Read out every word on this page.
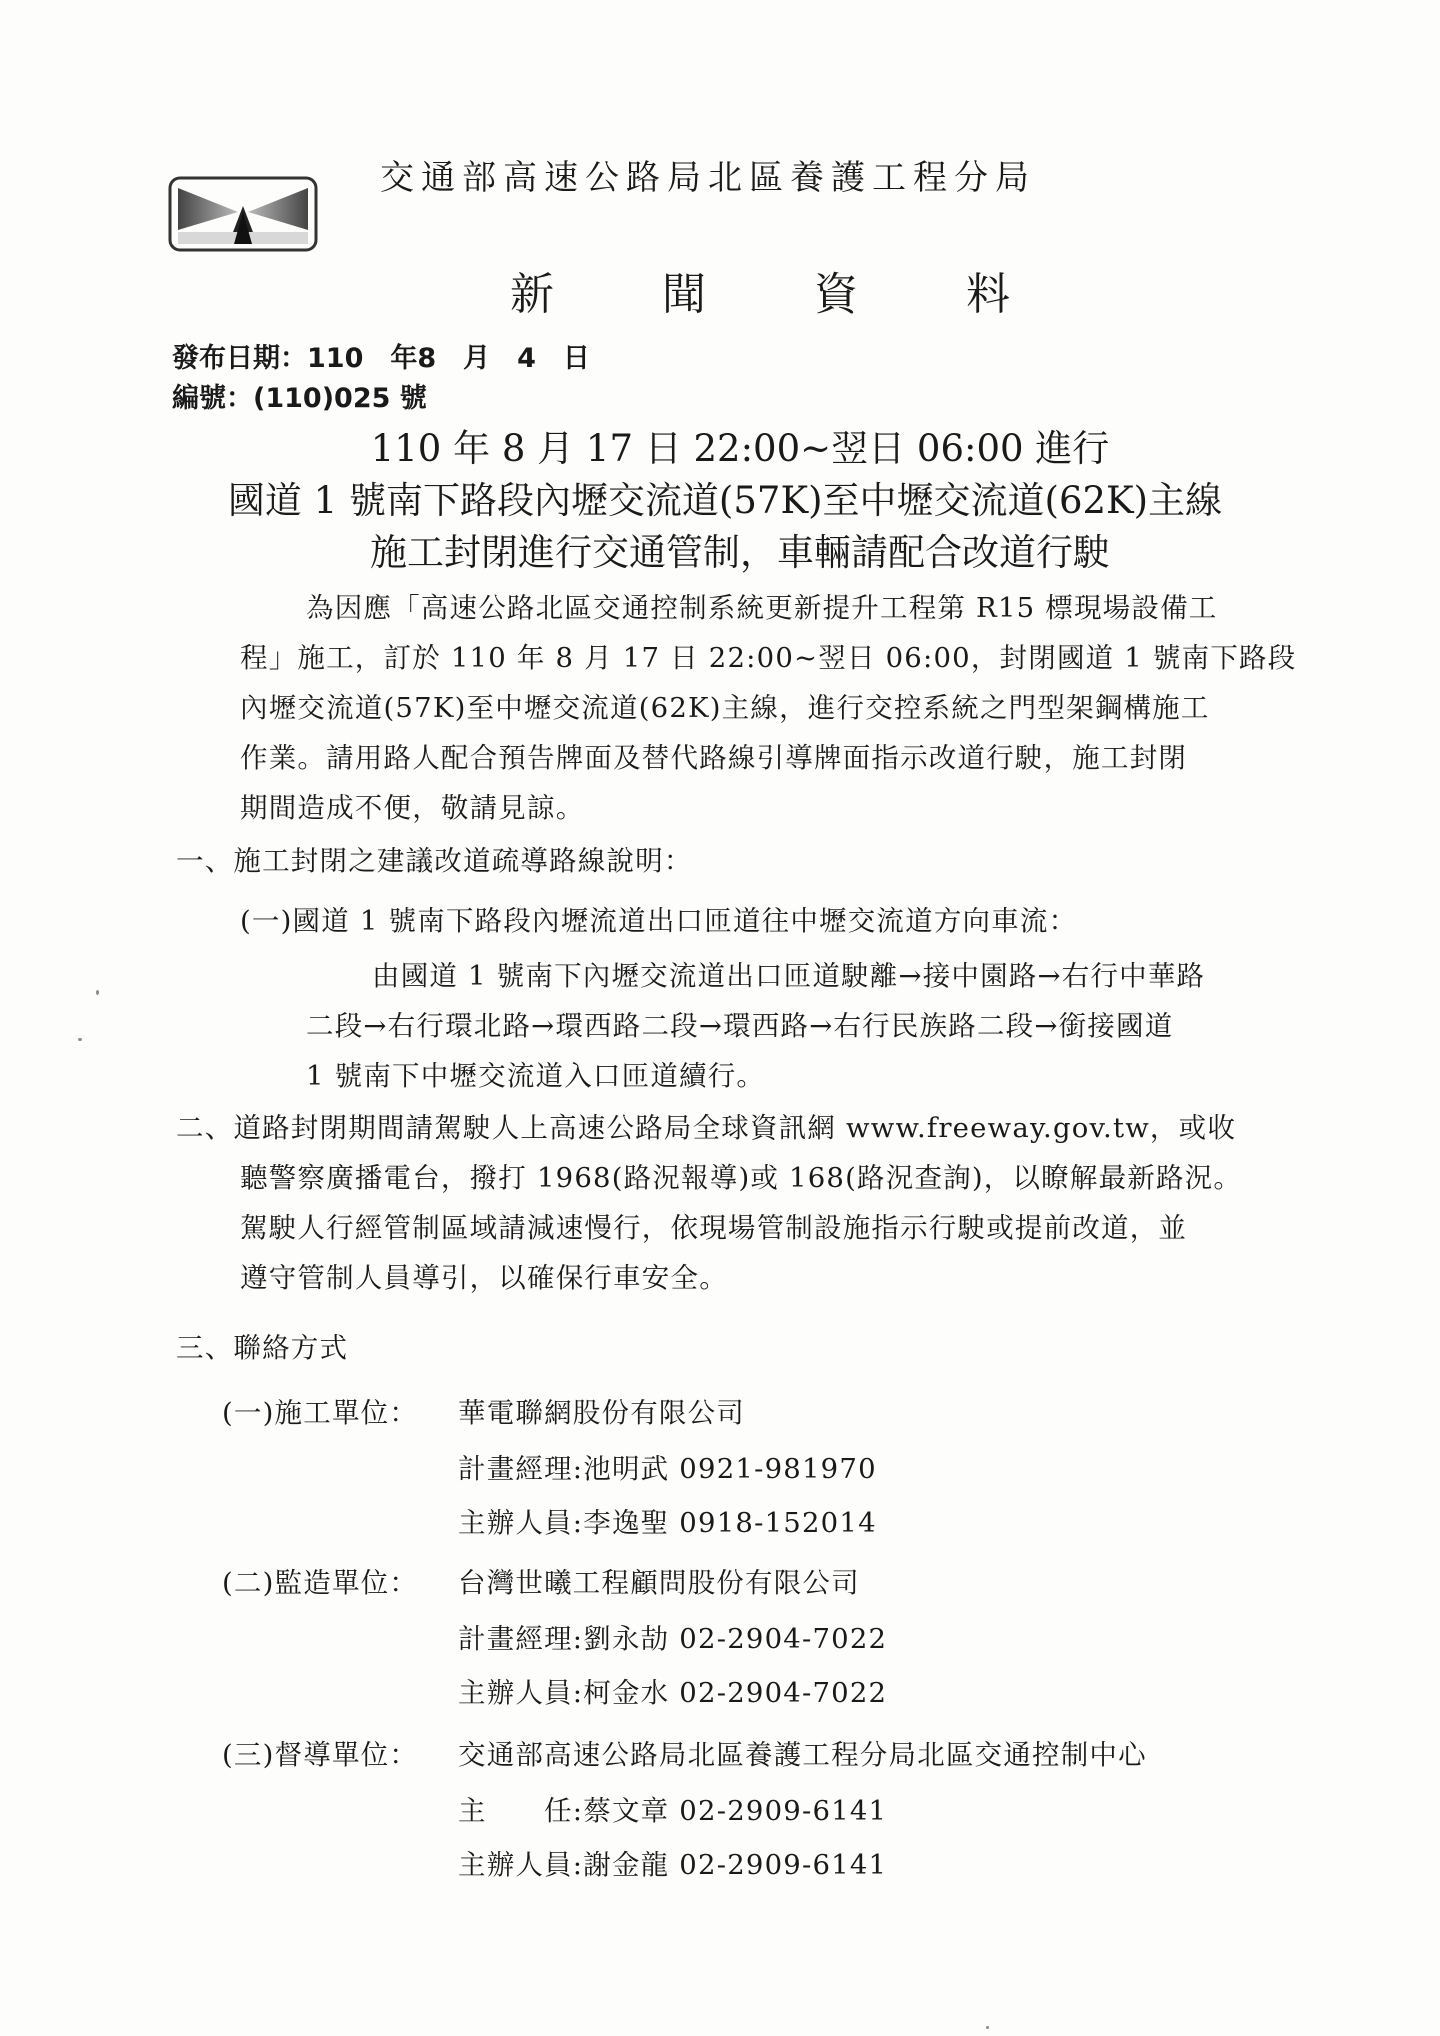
交通部高速公路局北區養護工程分局
新 聞 資 料
發布日期：110　年8　月　4　日
編號：(110)025 號
110 年 8 月 17 日 22:00~翌日 06:00 進行
國道 1 號南下路段內壢交流道(57K)至中壢交流道(62K)主線
施工封閉進行交通管制，車輛請配合改道行駛
為因應「高速公路北區交通控制系統更新提升工程第 R15 標現場設備工
程」施工，訂於 110 年 8 月 17 日 22:00~翌日 06:00，封閉國道 1 號南下路段
內壢交流道(57K)至中壢交流道(62K)主線，進行交控系統之門型架鋼構施工
作業。請用路人配合預告牌面及替代路線引導牌面指示改道行駛，施工封閉
期間造成不便，敬請見諒。
一、施工封閉之建議改道疏導路線說明：
(一)國道 1 號南下路段內壢流道出口匝道往中壢交流道方向車流：
由國道 1 號南下內壢交流道出口匝道駛離→接中園路→右行中華路
二段→右行環北路→環西路二段→環西路→右行民族路二段→銜接國道
1 號南下中壢交流道入口匝道續行。
二、道路封閉期間請駕駛人上高速公路局全球資訊網 www.freeway.gov.tw，或收
聽警察廣播電台，撥打 1968(路況報導)或 168(路況查詢)，以瞭解最新路況。
駕駛人行經管制區域請減速慢行，依現場管制設施指示行駛或提前改道，並
遵守管制人員導引，以確保行車安全。
三、聯絡方式
(一)施工單位： 華電聯網股份有限公司
計畫經理:池明武 0921-981970
主辦人員:李逸聖 0918-152014
(二)監造單位： 台灣世曦工程顧問股份有限公司
計畫經理:劉永劼 02-2904-7022
主辦人員:柯金水 02-2904-7022
(三)督導單位： 交通部高速公路局北區養護工程分局北區交通控制中心
主　　任:蔡文章 02-2909-6141
主辦人員:謝金龍 02-2909-6141
